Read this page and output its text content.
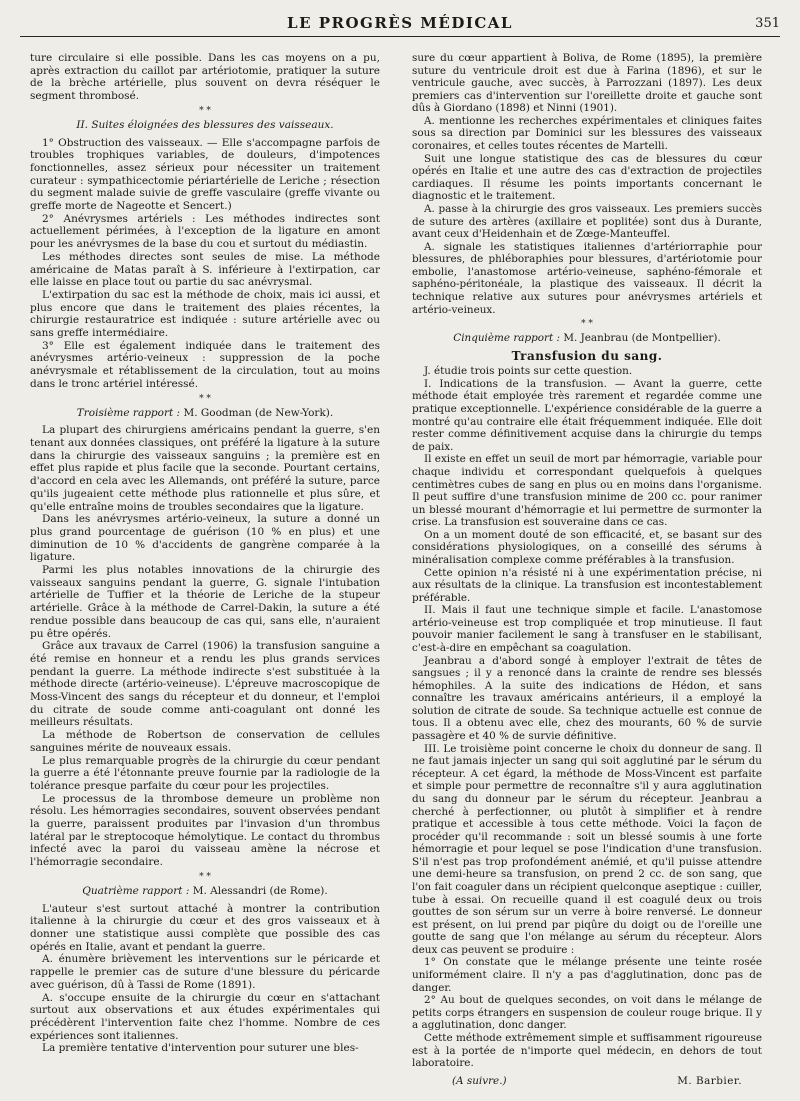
LE PROGRÈS MÉDICAL	351

ture circulaire si elle possible. Dans les cas moyens on a pu, après extraction du caillot par artériotomie, pratiquer la suture de la brèche artérielle, plus souvent on devra réséquer le segment thrombosé.

* *
II. Suites éloignées des blessures des vaisseaux.

1° Obstruction des vaisseaux. — Elle s'accompagne parfois de troubles trophiques variables, de douleurs, d'impotences fonctionnelles, assez sérieux pour nécessiter un traitement curateur : sympathicectomie périartérielle de Leriche ; résection du segment malade suivie de greffe vasculaire (greffe vivante ou greffe morte de Nageotte et Sencert.)

2° Anévrysmes artériels : Les méthodes indirectes sont actuellement périmées, à l'exception de la ligature en amont pour les anévrysmes de la base du cou et surtout du médiastin.

Les méthodes directes sont seules de mise. La méthode américaine de Matas paraît à S. inférieure à l'extirpation, car elle laisse en place tout ou partie du sac anévrysmal.

L'extirpation du sac est la méthode de choix, mais ici aussi, et plus encore que dans le traitement des plaies récentes, la chirurgie restauratrice est indiquée : suture artérielle avec ou sans greffe intermédiaire.

3° Elle est également indiquée dans le traitement des anévrysmes artério-veineux : suppression de la poche anévrysmale et rétablissement de la circulation, tout au moins dans le tronc artériel intéressé.

* *
Troisième rapport : M. Goodman (de New-York).

La plupart des chirurgiens américains pendant la guerre, s'en tenant aux données classiques, ont préféré la ligature à la suture dans la chirurgie des vaisseaux sanguins ; la première est en effet plus rapide et plus facile que la seconde. Pourtant certains, d'accord en cela avec les Allemands, ont préféré la suture, parce qu'ils jugeaient cette méthode plus rationnelle et plus sûre, et qu'elle entraîne moins de troubles secondaires que la ligature.

Dans les anévrysmes artério-veineux, la suture a donné un plus grand pourcentage de guérison (10 % en plus) et une diminution de 10 % d'accidents de gangrène comparée à la ligature.

Parmi les plus notables innovations de la chirurgie des vaisseaux sanguins pendant la guerre, G. signale l'intubation artérielle de Tuffier et la théorie de Leriche de la stupeur artérielle. Grâce à la méthode de Carrel-Dakin, la suture a été rendue possible dans beaucoup de cas qui, sans elle, n'auraient pu être opérés.

Grâce aux travaux de Carrel (1906) la transfusion sanguine a été remise en honneur et a rendu les plus grands services pendant la guerre. La méthode indirecte s'est substituée à la méthode directe (artério-veineuse). L'épreuve macroscopique de Moss-Vincent des sangs du récepteur et du donneur, et l'emploi du citrate de soude comme anti-coagulant ont donné les meilleurs résultats.

La méthode de Robertson de conservation de cellules sanguines mérite de nouveaux essais.

Le plus remarquable progrès de la chirurgie du cœur pendant la guerre a été l'étonnante preuve fournie par la radiologie de la tolérance presque parfaite du cœur pour les projectiles.

Le processus de la thrombose demeure un problème non résolu. Les hémorragies secondaires, souvent observées pendant la guerre, paraissent produites par l'invasion d'un thrombus latéral par le streptocoque hémolytique. Le contact du thrombus infecté avec la paroi du vaisseau amène la nécrose et l'hémorragie secondaire.

* *
Quatrième rapport : M. Alessandri (de Rome).

L'auteur s'est surtout attaché à montrer la contribution italienne à la chirurgie du cœur et des gros vaisseaux et à donner une statistique aussi complète que possible des cas opérés en Italie, avant et pendant la guerre.

A. énumère brièvement les interventions sur le péricarde et rappelle le premier cas de suture d'une blessure du péricarde avec guérison, dû à Tassi de Rome (1891).

A. s'occupe ensuite de la chirurgie du cœur en s'attachant surtout aux observations et aux études expérimentales qui précédèrent l'intervention faite chez l'homme. Nombre de ces expériences sont italiennes.

La première tentative d'intervention pour suturer une bles-

sure du cœur appartient à Boliva, de Rome (1895), la première suture du ventricule droit est due à Farina (1896), et sur le ventricule gauche, avec succès, à Parrozzani (1897). Les deux premiers cas d'intervention sur l'oreillette droite et gauche sont dûs à Giordano (1898) et Ninni (1901).

A. mentionne les recherches expérimentales et cliniques faites sous sa direction par Dominici sur les blessures des vaisseaux coronaires, et celles toutes récentes de Martelli.

Suit une longue statistique des cas de blessures du cœur opérés en Italie et une autre des cas d'extraction de projectiles cardiaques. Il résume les points importants concernant le diagnostic et le traitement.

A. passe à la chirurgie des gros vaisseaux. Les premiers succès de suture des artères (axillaire et poplitée) sont dus à Durante, avant ceux d'Heidenhain et de Zœge-Manteuffel.

A. signale les statistiques italiennes d'artériorraphie pour blessures, de phléboraphies pour blessures, d'artériotomie pour embolie, l'anastomose artério-veineuse, saphéno-fémorale et saphéno-péritonéale, la plastique des vaisseaux. Il décrit la technique relative aux sutures pour anévrysmes artériels et artério-veineux.

* *
Cinquième rapport : M. Jeanbrau (de Montpellier).
Transfusion du sang.

J. étudie trois points sur cette question.

I. Indications de la transfusion. — Avant la guerre, cette méthode était employée très rarement et regardée comme une pratique exceptionnelle. L'expérience considérable de la guerre a montré qu'au contraire elle était fréquemment indiquée. Elle doit rester comme définitivement acquise dans la chirurgie du temps de paix.

Il existe en effet un seuil de mort par hémorragie, variable pour chaque individu et correspondant quelquefois à quelques centimètres cubes de sang en plus ou en moins dans l'organisme. Il peut suffire d'une transfusion minime de 200 cc. pour ranimer un blessé mourant d'hémorragie et lui permettre de surmonter la crise. La transfusion est souveraine dans ce cas.

On a un moment douté de son efficacité, et, se basant sur des considérations physiologiques, on a conseillé des sérums à minéralisation complexe comme préférables à la transfusion.

Cette opinion n'a résisté ni à une expérimentation précise, ni aux résultats de la clinique. La transfusion est incontestablement préférable.

II. Mais il faut une technique simple et facile. L'anastomose artério-veineuse est trop compliquée et trop minutieuse. Il faut pouvoir manier facilement le sang à transfuser en le stabilisant, c'est-à-dire en empêchant sa coagulation.

Jeanbrau a d'abord songé à employer l'extrait de têtes de sangsues ; il y a renoncé dans la crainte de rendre ses blessés hémophiles. A la suite des indications de Hédon, et sans connaître les travaux américains antérieurs, il a employé la solution de citrate de soude. Sa technique actuelle est connue de tous. Il a obtenu avec elle, chez des mourants, 60 % de survie passagère et 40 % de survie définitive.

III. Le troisième point concerne le choix du donneur de sang. Il ne faut jamais injecter un sang qui soit agglutiné par le sérum du récepteur. A cet égard, la méthode de Moss-Vincent est parfaite et simple pour permettre de reconnaître s'il y aura agglutination du sang du donneur par le sérum du récepteur. Jeanbrau a cherché à perfectionner, ou plutôt à simplifier et à rendre pratique et accessible à tous cette méthode. Voici la façon de procéder qu'il recommande : soit un blessé soumis à une forte hémorragie et pour lequel se pose l'indication d'une transfusion. S'il n'est pas trop profondément anémié, et qu'il puisse attendre une demi-heure sa transfusion, on prend 2 cc. de son sang, que l'on fait coaguler dans un récipient quelconque aseptique : cuiller, tube à essai. On recueille quand il est coagulé deux ou trois gouttes de son sérum sur un verre à boire renversé. Le donneur est présent, on lui prend par piqûre du doigt ou de l'oreille une goutte de sang que l'on mélange au sérum du récepteur. Alors deux cas peuvent se produire :

1° On constate que le mélange présente une teinte rosée uniformément claire. Il n'y a pas d'agglutination, donc pas de danger.

2° Au bout de quelques secondes, on voit dans le mélange de petits corps étrangers en suspension de couleur rouge brique. Il y a agglutination, donc danger.

Cette méthode extrêmement simple et suffisamment rigoureuse est à la portée de n'importe quel médecin, en dehors de tout laboratoire.

(A suivre.)	M. Barbier.
